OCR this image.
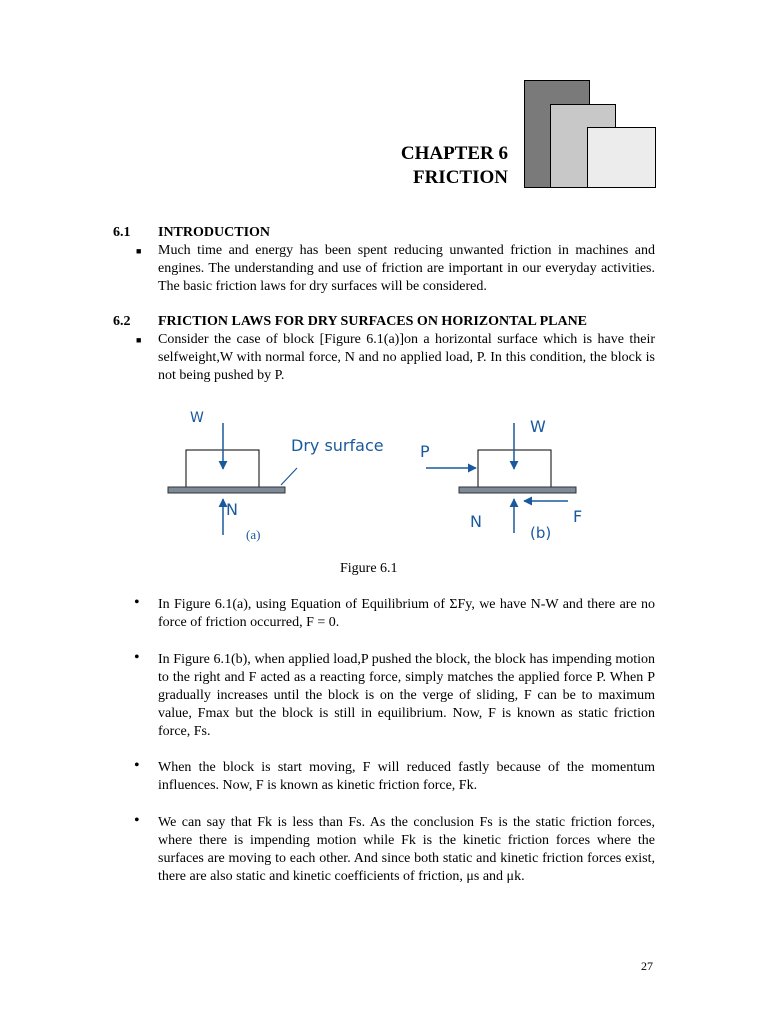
CHAPTER 6
FRICTION
6.1 INTRODUCTION
■ Much time and energy has been spent reducing unwanted friction in machines and engines. The understanding and use of friction are important in our everyday activities. The basic friction laws for dry surfaces will be considered.
6.2 FRICTION LAWS FOR DRY SURFACES ON HORIZONTAL PLANE
■ Consider the case of block [Figure 6.1(a)]on a horizontal surface which is have their selfweight,W with normal force, N and no applied load, P. In this condition, the block is not being pushed by P.
W
N
Dry surface
(a)
W
P
N	F
(b)
Figure 6.1
• In Figure 6.1(a), using Equation of Equilibrium of ΣFy, we have N-W and there are no force of friction occurred, F = 0.
• In Figure 6.1(b), when applied load,P pushed the block, the block has impending motion to the right and F acted as a reacting force, simply matches the applied force P. When P gradually increases until the block is on the verge of sliding, F can be to maximum value, Fmax but the block is still in equilibrium. Now, F is known as static friction force, Fs.
• When the block is start moving, F will reduced fastly because of the momentum influences. Now, F is known as kinetic friction force, Fk.
• We can say that Fk is less than Fs. As the conclusion Fs is the static friction forces, where there is impending motion while Fk is the kinetic friction forces where the surfaces are moving to each other. And since both static and kinetic friction forces exist, there are also static and kinetic coefficients of friction, μs and μk.
27
